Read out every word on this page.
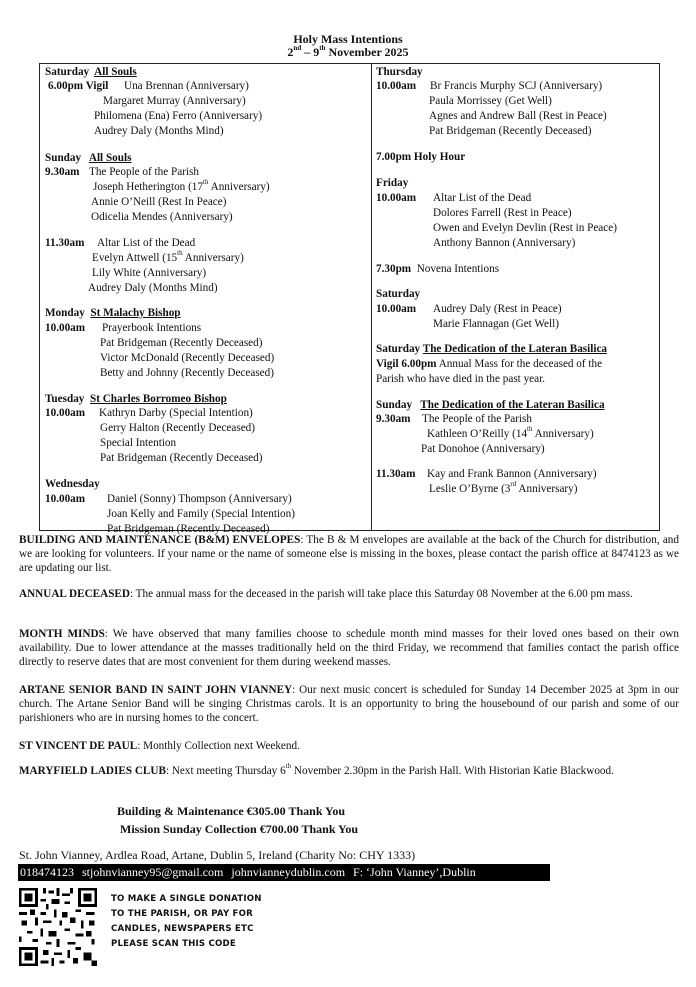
Holy Mass Intentions
2nd – 9th November 2025
Saturday All Souls
6.00pm Vigil Una Brennan (Anniversary)
Margaret Murray (Anniversary)
Philomena (Ena) Ferro (Anniversary)
Audrey Daly (Months Mind)
Sunday All Souls
9.30am The People of the Parish
Joseph Hetherington (17th Anniversary)
Annie O’Neill (Rest In Peace)
Odicelia Mendes (Anniversary)
11.30am Altar List of the Dead
Evelyn Attwell (15th Anniversary)
Lily White (Anniversary)
Audrey Daly (Months Mind)
Monday St Malachy Bishop
10.00am Prayerbook Intentions
Pat Bridgeman (Recently Deceased)
Victor McDonald (Recently Deceased)
Betty and Johnny (Recently Deceased)
Tuesday St Charles Borromeo Bishop
10.00am Kathryn Darby (Special Intention)
Gerry Halton (Recently Deceased)
Special Intention
Pat Bridgeman (Recently Deceased)
Wednesday
10.00am Daniel (Sonny) Thompson (Anniversary)
Joan Kelly and Family (Special Intention)
Pat Bridgeman (Recently Deceased)
Thursday
10.00am Br Francis Murphy SCJ (Anniversary)
Paula Morrissey (Get Well)
Agnes and Andrew Ball (Rest in Peace)
Pat Bridgeman (Recently Deceased)
7.00pm Holy Hour
Friday
10.00am Altar List of the Dead
Dolores Farrell (Rest in Peace)
Owen and Evelyn Devlin (Rest in Peace)
Anthony Bannon (Anniversary)
7.30pm Novena Intentions
Saturday
10.00am Audrey Daly (Rest in Peace)
Marie Flannagan (Get Well)
Saturday The Dedication of the Lateran Basilica
Vigil 6.00pm Annual Mass for the deceased of the
Parish who have died in the past year.
Sunday The Dedication of the Lateran Basilica
9.30am The People of the Parish
Kathleen O’Reilly (14th Anniversary)
Pat Donohoe (Anniversary)
11.30am Kay and Frank Bannon (Anniversary)
Leslie O’Byrne (3rd Anniversary)
BUILDING AND MAINTENANCE (B&M) ENVELOPES: The B & M envelopes are available at the back of the Church for distribution, and we are looking for volunteers. If your name or the name of someone else is missing in the boxes, please contact the parish office at 8474123 as we are updating our list.
ANNUAL DECEASED: The annual mass for the deceased in the parish will take place this Saturday 08 November at the 6.00 pm mass.
MONTH MINDS: We have observed that many families choose to schedule month mind masses for their loved ones based on their own availability. Due to lower attendance at the masses traditionally held on the third Friday, we recommend that families contact the parish office directly to reserve dates that are most convenient for them during weekend masses.
ARTANE SENIOR BAND IN SAINT JOHN VIANNEY: Our next music concert is scheduled for Sunday 14 December 2025 at 3pm in our church. The Artane Senior Band will be singing Christmas carols. It is an opportunity to bring the housebound of our parish and some of our parishioners who are in nursing homes to the concert.
ST VINCENT DE PAUL: Monthly Collection next Weekend.
MARYFIELD LADIES CLUB: Next meeting Thursday 6th November 2.30pm in the Parish Hall. With Historian Katie Blackwood.
Building & Maintenance €305.00 Thank You
Mission Sunday Collection €700.00 Thank You
St. John Vianney, Ardlea Road, Artane, Dublin 5, Ireland (Charity No: CHY 1333)
018474123 stjohnvianney95@gmail.com johnvianneydublin.com F: ‘John Vianney’,Dublin
TO MAKE A SINGLE DONATION
TO THE PARISH, OR PAY FOR
CANDLES, NEWSPAPERS ETC
PLEASE SCAN THIS CODE
